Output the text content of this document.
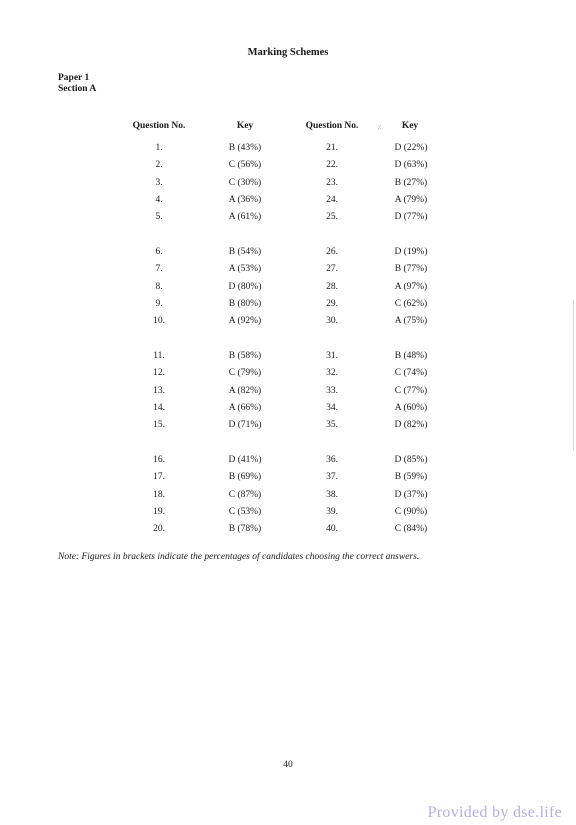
Marking Schemes
Paper 1
Section A
Question No.	Key	Question No.	Key
⸓
1.	B (43%)	21.	D (22%)
2.	C (56%)	22.	D (63%)
3.	C (30%)	23.	B (27%)
4.	A (36%)	24.	A (79%)
5.	A (61%)	25.	D (77%)
6.	B (54%)	26.	D (19%)
7.	A (53%)	27.	B (77%)
8.	D (80%)	28.	A (97%)
9.	B (80%)	29.	C (62%)
10.	A (92%)	30.	A (75%)
11.	B (58%)	31.	B (48%)
12.	C (79%)	32.	C (74%)
13.	A (82%)	33.	C (77%)
14.	A (66%)	34.	A (60%)
15.	D (71%)	35.	D (82%)
16.	D (41%)	36.	D (85%)
17.	B (69%)	37.	B (59%)
18.	C (87%)	38.	D (37%)
19.	C (53%)	39.	C (90%)
20.	B (78%)	40.	C (84%)
Note: Figures in brackets indicate the percentages of candidates choosing the correct answers.
40
Provided by dse.life
